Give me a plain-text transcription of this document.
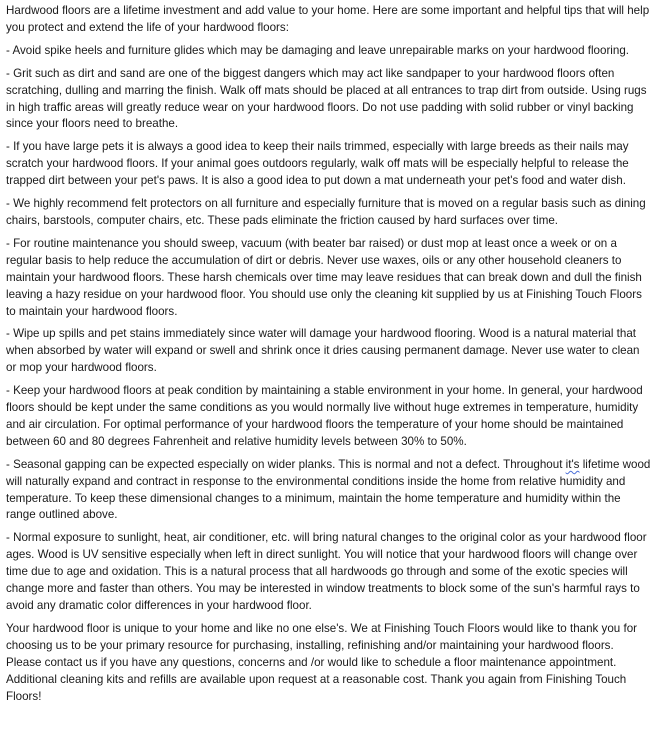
Hardwood floors are a lifetime investment and add value to your home. Here are some important and helpful tips that will help you protect and extend the life of your hardwood floors:

- Avoid spike heels and furniture glides which may be damaging and leave unrepairable marks on your hardwood flooring.

- Grit such as dirt and sand are one of the biggest dangers which may act like sandpaper to your hardwood floors often scratching, dulling and marring the finish. Walk off mats should be placed at all entrances to trap dirt from outside. Using rugs in high traffic areas will greatly reduce wear on your hardwood floors. Do not use padding with solid rubber or vinyl backing since your floors need to breathe.

- If you have large pets it is always a good idea to keep their nails trimmed, especially with large breeds as their nails may scratch your hardwood floors. If your animal goes outdoors regularly, walk off mats will be especially helpful to release the trapped dirt between your pet's paws. It is also a good idea to put down a mat underneath your pet's food and water dish.

- We highly recommend felt protectors on all furniture and especially furniture that is moved on a regular basis such as dining chairs, barstools, computer chairs, etc. These pads eliminate the friction caused by hard surfaces over time.

- For routine maintenance you should sweep, vacuum (with beater bar raised) or dust mop at least once a week or on a regular basis to help reduce the accumulation of dirt or debris. Never use waxes, oils or any other household cleaners to maintain your hardwood floors. These harsh chemicals over time may leave residues that can break down and dull the finish leaving a hazy residue on your hardwood floor. You should use only the cleaning kit supplied by us at Finishing Touch Floors to maintain your hardwood floors.

- Wipe up spills and pet stains immediately since water will damage your hardwood flooring. Wood is a natural material that when absorbed by water will expand or swell and shrink once it dries causing permanent damage. Never use water to clean or mop your hardwood floors.

- Keep your hardwood floors at peak condition by maintaining a stable environment in your home. In general, your hardwood floors should be kept under the same conditions as you would normally live without huge extremes in temperature, humidity and air circulation. For optimal performance of your hardwood floors the temperature of your home should be maintained between 60 and 80 degrees Fahrenheit and relative humidity levels between 30% to 50%.

- Seasonal gapping can be expected especially on wider planks. This is normal and not a defect. Throughout it's lifetime wood will naturally expand and contract in response to the environmental conditions inside the home from relative humidity and temperature. To keep these dimensional changes to a minimum, maintain the home temperature and humidity within the range outlined above.

- Normal exposure to sunlight, heat, air conditioner, etc. will bring natural changes to the original color as your hardwood floor ages. Wood is UV sensitive especially when left in direct sunlight. You will notice that your hardwood floors will change over time due to age and oxidation. This is a natural process that all hardwoods go through and some of the exotic species will change more and faster than others. You may be interested in window treatments to block some of the sun's harmful rays to avoid any dramatic color differences in your hardwood floor.

Your hardwood floor is unique to your home and like no one else's. We at Finishing Touch Floors would like to thank you for choosing us to be your primary resource for purchasing, installing, refinishing and/or maintaining your hardwood floors. Please contact us if you have any questions, concerns and /or would like to schedule a floor maintenance appointment. Additional cleaning kits and refills are available upon request at a reasonable cost. Thank you again from Finishing Touch Floors!
